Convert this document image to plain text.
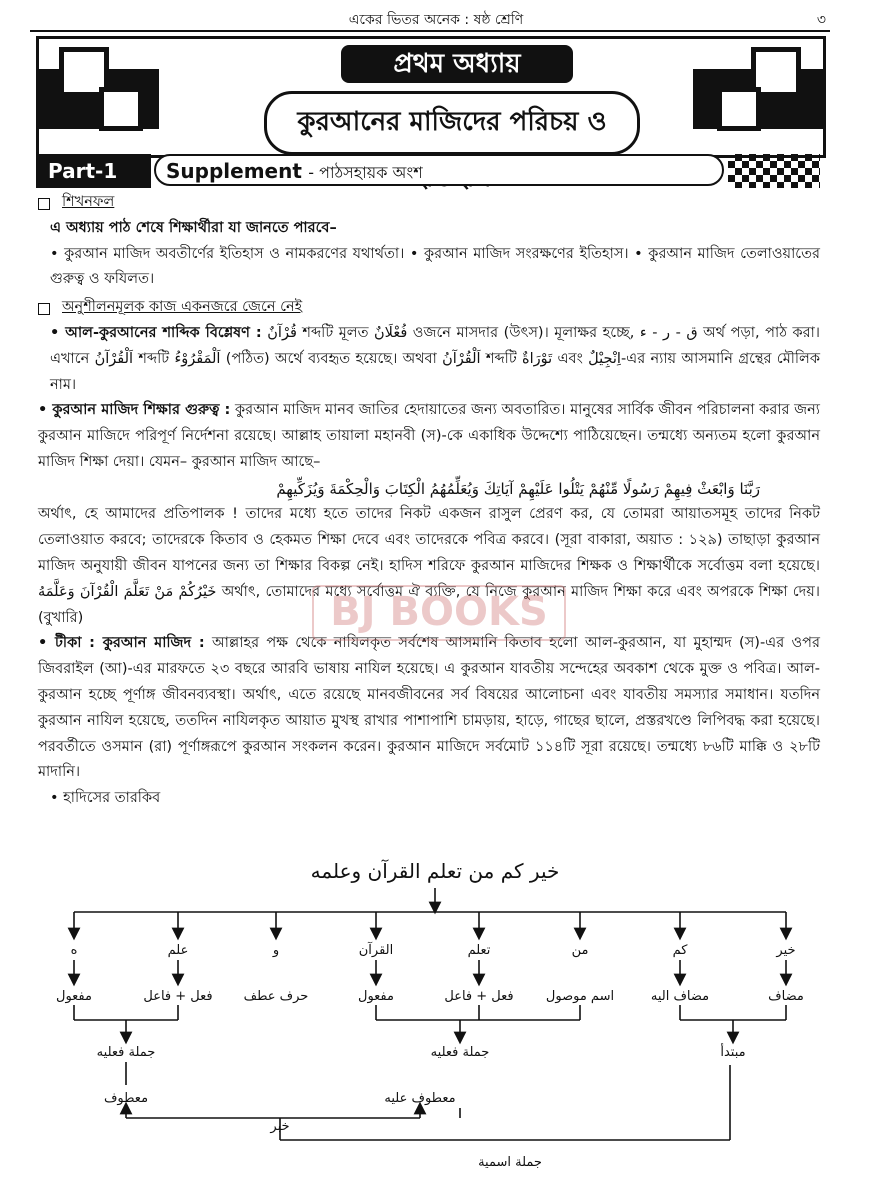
একের ভিতর অনেক : ষষ্ঠ শ্রেণি	৩
প্রথম অধ্যায়
কুরআনের মাজিদের পরিচয় ও
Part-1	Supplement - পাঠসহায়ক অংশ
শিখনফল

এ অধ্যায় পাঠ শেষে শিক্ষার্থীরা যা জানতে পারবে–

• কুরআন মাজিদ অবতীর্ণের ইতিহাস ও নামকরণের যথার্থতা। • কুরআন মাজিদ সংরক্ষণের ইতিহাস। • কুরআন মাজিদ তেলাওয়াতের গুরুত্ব ও ফযিলত।

অনুশীলনমূলক কাজ একনজরে জেনে নেই

• আল-কুরআনের শাব্দিক বিশ্লেষণ : قُرْآنٌ শব্দটি মূলত فُعْلَانٌ ওজনে মাসদার (উৎস)। মূলাক্ষর হচ্ছে, ق - ر - ء অর্থ পড়া, পাঠ করা। এখানে اَلْقُرْآنُ শব্দটি اَلْمَقْرُوْءُ (পঠিত) অর্থে ব্যবহৃত হয়েছে। অথবা اَلْقُرْآنُ শব্দটি تَوْرَاةٌ এবং اِنْجِيْلٌ-এর ন্যায় আসমানি গ্রন্থের মৌলিক নাম।

• কুরআন মাজিদ শিক্ষার গুরুত্ব : কুরআন মাজিদ মানব জাতির হেদায়াতের জন্য অবতারিত। মানুষের সার্বিক জীবন পরিচালনা করার জন্য কুরআন মাজিদে পরিপূর্ণ নির্দেশনা রয়েছে। আল্লাহ তায়ালা মহানবী (স)-কে একাধিক উদ্দেশ্যে পাঠিয়েছেন। তন্মধ্যে অন্যতম হলো কুরআন মাজিদ শিক্ষা দেয়া। যেমন– কুরআন মাজিদ আছে–

رَبَّنَا وَابْعَثْ فِيهِمْ رَسُولًا مِّنْهُمْ يَتْلُوا عَلَيْهِمْ آيَاتِكَ وَيُعَلِّمُهُمُ الْكِتَابَ وَالْحِكْمَةَ وَيُزَكِّيهِمْ

অর্থাৎ, হে আমাদের প্রতিপালক ! তাদের মধ্যে হতে তাদের নিকট একজন রাসুল প্রেরণ কর, যে তোমরা আয়াতসমূহ তাদের নিকট তেলাওয়াত করবে; তাদেরকে কিতাব ও হেকমত শিক্ষা দেবে এবং তাদেরকে পবিত্র করবে। (সূরা বাকারা, অয়াত : ১২৯) তাছাড়া কুরআন মাজিদ অনুযায়ী জীবন যাপনের জন্য তা শিক্ষার বিকল্প নেই। হাদিস শরিফে কুরআন মাজিদের শিক্ষক ও শিক্ষার্থীকে সর্বোত্তম বলা হয়েছে। خَيْرُكُمْ مَنْ تَعَلَّمَ الْقُرْآنَ وَعَلَّمَهُ অর্থাৎ, তোমাদের মধ্যে সর্বোত্তম ঐ ব্যক্তি, যে নিজে কুরআন মাজিদ শিক্ষা করে এবং অপরকে শিক্ষা দেয়। (বুখারি)

• টীকা : কুরআন মাজিদ : আল্লাহর পক্ষ থেকে নাযিলকৃত সর্বশেষ আসমানি কিতাব হলো আল-কুরআন, যা মুহাম্মদ (স)-এর ওপর জিবরাইল (আ)-এর মারফতে ২৩ বছরে আরবি ভাষায় নাযিল হয়েছে। এ কুরআন যাবতীয় সন্দেহের অবকাশ থেকে মুক্ত ও পবিত্র। আল-কুরআন হচ্ছে পূর্ণাঙ্গ জীবনব্যবস্থা। অর্থাৎ, এতে রয়েছে মানবজীবনের সর্ব বিষয়ের আলোচনা এবং যাবতীয় সমস্যার সমাধান। যতদিন কুরআন নাযিল হয়েছে, ততদিন নাযিলকৃত আয়াত মুখস্থ রাখার পাশাপাশি চামড়ায়, হাড়ে, গাছের ছালে, প্রস্তরখণ্ডে লিপিবদ্ধ করা হয়েছে। পরবর্তীতে ওসমান (রা) পূর্ণাঙ্গরূপে কুরআন সংকলন করেন। কুরআন মাজিদে সর্বমোট ১১৪টি সূরা রয়েছে। তন্মধ্যে ৮৬টি মাক্কি ও ২৮টি মাদানি।

• হাদিসের তারকিব

BJ BOOKS
خير كم من تعلم القرآن وعلمه
خير
كم
من
تعلم
القرآن
و
علم
ه
مضاف
مضاف اليه
اسم موصول
فعل + فاعل
مفعول
حرف عطف
فعل + فاعل
مفعول
مبتدأ
جملة فعليه
جملة فعليه
معطوف عليه
معطوف
خبر
جملة اسمية
